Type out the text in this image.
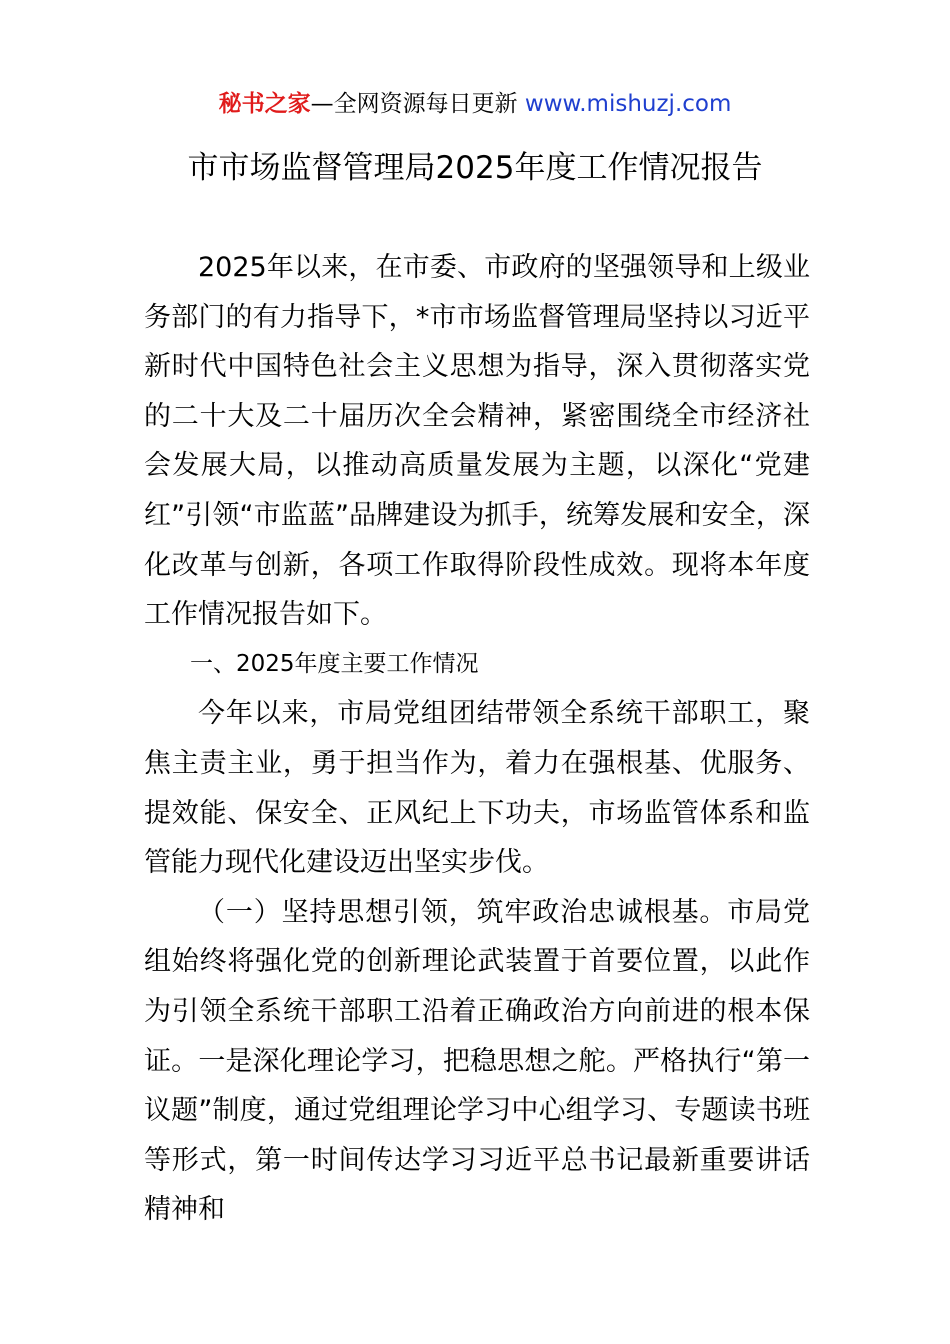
秘书之家—全网资源每日更新 www.mishuzj.com
市市场监督管理局2025年度工作情况报告

2025年以来，在市委、市政府的坚强领导和上级业务部门的有力指导下，*市市场监督管理局坚持以习近平新时代中国特色社会主义思想为指导，深入贯彻落实党的二十大及二十届历次全会精神，紧密围绕全市经济社会发展大局，以推动高质量发展为主题，以深化“党建红”引领“市监蓝”品牌建设为抓手，统筹发展和安全，深化改革与创新，各项工作取得阶段性成效。现将本年度工作情况报告如下。

一、2025年度主要工作情况

今年以来，市局党组团结带领全系统干部职工，聚焦主责主业，勇于担当作为，着力在强根基、优服务、提效能、保安全、正风纪上下功夫，市场监管体系和监管能力现代化建设迈出坚实步伐。

（一）坚持思想引领，筑牢政治忠诚根基。市局党组始终将强化党的创新理论武装置于首要位置，以此作为引领全系统干部职工沿着正确政治方向前进的根本保证。一是深化理论学习，把稳思想之舵。严格执行“第一议题”制度，通过党组理论学习中心组学习、专题读书班等形式，第一时间传达学习习近平总书记最新重要讲话精神和
